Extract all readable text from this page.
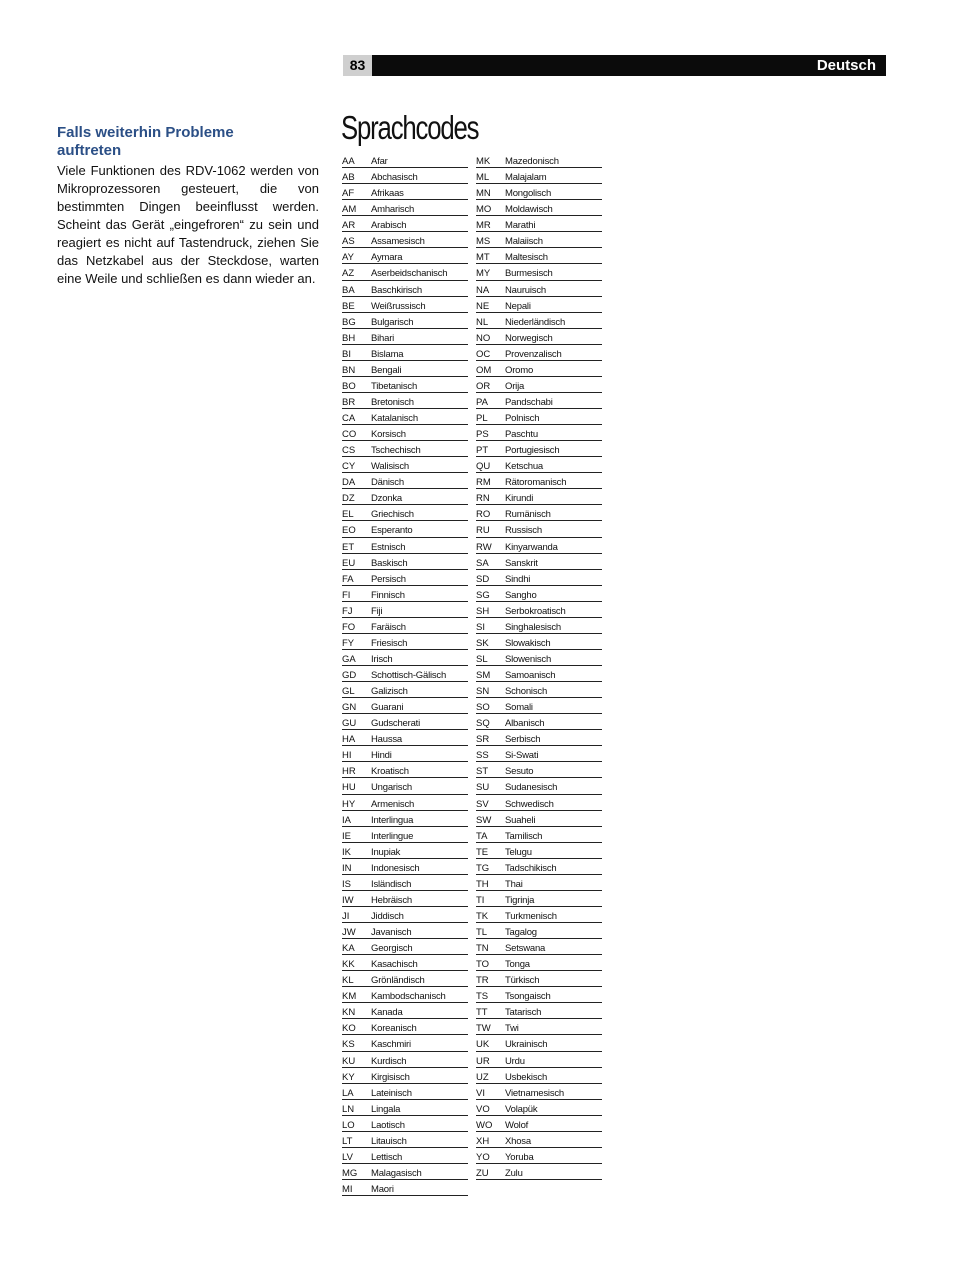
83	Deutsch
Falls weiterhin Probleme auftreten

Viele Funktionen des RDV-1062 werden von Mikroprozessoren gesteuert, die von bestimmten Dingen beeinflusst werden. Scheint das Gerät „eingefroren“ zu sein und reagiert es nicht auf Tastendruck, ziehen Sie das Netzkabel aus der Steckdose, warten eine Weile und schließen es dann wieder an.

Sprachcodes
AA Afar
AB Abchasisch
AF Afrikaas
AM Amharisch
AR Arabisch
AS Assamesisch
AY Aymara
AZ Aserbeidschanisch
BA Baschkirisch
BE Weißrussisch
BG Bulgarisch
BH Bihari
BI Bislama
BN Bengali
BO Tibetanisch
BR Bretonisch
CA Katalanisch
CO Korsisch
CS Tschechisch
CY Walisisch
DA Dänisch
DZ Dzonka
EL Griechisch
EO Esperanto
ET Estnisch
EU Baskisch
FA Persisch
FI Finnisch
FJ Fiji
FO Faräisch
FY Friesisch
GA Irisch
GD Schottisch-Gälisch
GL Galizisch
GN Guarani
GU Gudscherati
HA Haussa
HI Hindi
HR Kroatisch
HU Ungarisch
HY Armenisch
IA Interlingua
IE Interlingue
IK Inupiak
IN Indonesisch
IS Isländisch
IW Hebräisch
JI Jiddisch
JW Javanisch
KA Georgisch
KK Kasachisch
KL Grönländisch
KM Kambodschanisch
KN Kanada
KO Koreanisch
KS Kaschmiri
KU Kurdisch
KY Kirgisisch
LA Lateinisch
LN Lingala
LO Laotisch
LT Litauisch
LV Lettisch
MG Malagasisch
MI Maori
MK Mazedonisch
ML Malajalam
MN Mongolisch
MO Moldawisch
MR Marathi
MS Malaiisch
MT Maltesisch
MY Burmesisch
NA Nauruisch
NE Nepali
NL Niederländisch
NO Norwegisch
OC Provenzalisch
OM Oromo
OR Orija
PA Pandschabi
PL Polnisch
PS Paschtu
PT Portugiesisch
QU Ketschua
RM Rätoromanisch
RN Kirundi
RO Rumänisch
RU Russisch
RW Kinyarwanda
SA Sanskrit
SD Sindhi
SG Sangho
SH Serbokroatisch
SI Singhalesisch
SK Slowakisch
SL Slowenisch
SM Samoanisch
SN Schonisch
SO Somali
SQ Albanisch
SR Serbisch
SS Si-Swati
ST Sesuto
SU Sudanesisch
SV Schwedisch
SW Suaheli
TA Tamilisch
TE Telugu
TG Tadschikisch
TH Thai
TI Tigrinja
TK Turkmenisch
TL Tagalog
TN Setswana
TO Tonga
TR Türkisch
TS Tsongaisch
TT Tatarisch
TW Twi
UK Ukrainisch
UR Urdu
UZ Usbekisch
VI Vietnamesisch
VO Volapük
WO Wolof
XH Xhosa
YO Yoruba
ZU Zulu
